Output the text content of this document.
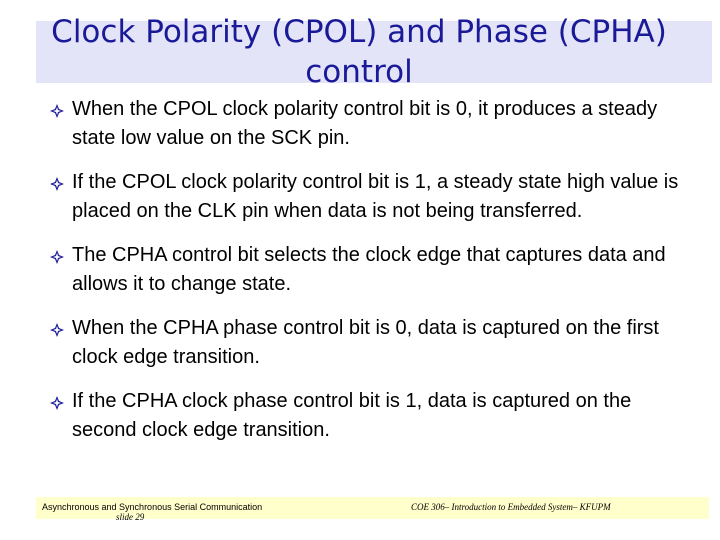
Clock Polarity (CPOL) and Phase (CPHA) control
When the CPOL clock polarity control bit is 0, it produces a steady state low value on the SCK pin.
If the CPOL clock polarity control bit is 1, a steady state high value is placed on the CLK pin when data is not being transferred.
The CPHA control bit selects the clock edge that captures data and allows it to change state.
When the CPHA phase control bit is 0, data is captured on the first clock edge transition.
If the CPHA clock phase control bit is 1, data is captured on the second clock edge transition.
Asynchronous and Synchronous Serial Communication
slide 29
COE 306– Introduction to Embedded System– KFUPM
